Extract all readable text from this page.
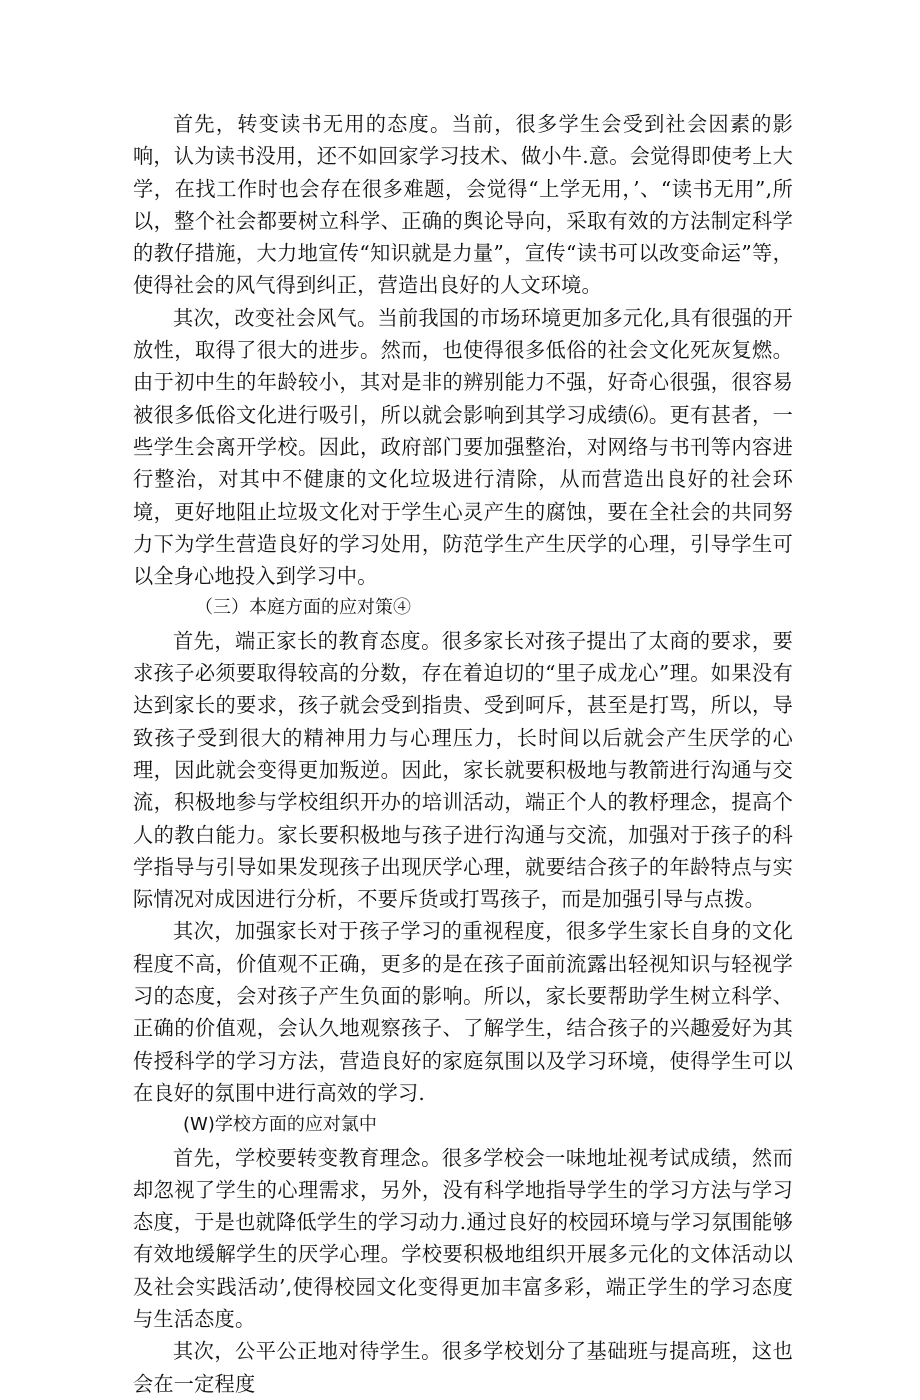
首先，转变读书无用的态度。当前，很多学生会受到社会因素的影响，认为读书没用，还不如回家学习技术、做小牛.意。会觉得即使考上大学，在找工作时也会存在很多难题，会觉得“上学无用，’、“读书无用”,所以，整个社会都要树立科学、正确的舆论导向，采取有效的方法制定科学的教仔措施，大力地宣传“知识就是力量”，宣传“读书可以改变命运”等，使得社会的风气得到纠正，营造出良好的人文环境。

其次，改变社会风气。当前我国的市场环境更加多元化,具有很强的开放性，取得了很大的进步。然而，也使得很多低俗的社会文化死灰复燃。由于初中生的年龄较小，其对是非的辨别能力不强，好奇心很强，很容易被很多低俗文化进行吸引，所以就会影响到其学习成绩⑹。更有甚者，一些学生会离开学校。因此，政府部门要加强整治，对网络与书刊等内容进行整治，对其中不健康的文化垃圾进行清除，从而营造出良好的社会环境，更好地阻止垃圾文化对于学生心灵产生的腐蚀，要在全社会的共同努力下为学生营造良好的学习处用，防范学生产生厌学的心理，引导学生可以全身心地投入到学习中。

（三）本庭方面的应对策④

首先，端正家长的教育态度。很多家长对孩子提出了太商的要求，要求孩子必须要取得较高的分数，存在着迫切的“里子成龙心”理。如果没有达到家长的要求，孩子就会受到指贵、受到呵斥，甚至是打骂，所以，导致孩子受到很大的精神用力与心理压力，长时间以后就会产生厌学的心理，因此就会变得更加叛逆。因此，家长就要积极地与教箭进行沟通与交流，积极地参与学校组织开办的培训活动，端正个人的教杼理念，提高个人的教白能力。家长要积极地与孩子进行沟通与交流，加强对于孩子的科学指导与引导如果发现孩子出现厌学心理，就要结合孩子的年龄特点与实际情况对成因进行分析，不要斥货或打骂孩子，而是加强引导与点拨。

其次，加强家长对于孩子学习的重视程度，很多学生家长自身的文化程度不高，价值观不正确，更多的是在孩子面前流露出轻视知识与轻视学习的态度，会对孩子产生负面的影响。所以，家长要帮助学生树立科学、正确的价值观，会认久地观察孩子、了解学生，结合孩子的兴趣爱好为其传授科学的学习方法，营造良好的家庭氛围以及学习环境，使得学生可以在良好的氛围中进行高效的学习.

(W)学校方面的应对氯中

首先，学校要转变教育理念。很多学校会一味地址视考试成绩，然而却忽视了学生的心理需求，另外，没有科学地指导学生的学习方法与学习态度，于是也就降低学生的学习动力.通过良好的校园环境与学习氛围能够有效地缓解学生的厌学心理。学校要积极地组织开展多元化的文体活动以及社会实践活动’,使得校园文化变得更加丰富多彩，端正学生的学习态度与生活态度。

其次，公平公正地对待学生。很多学校划分了基础班与提高班，这也会在一定程度
